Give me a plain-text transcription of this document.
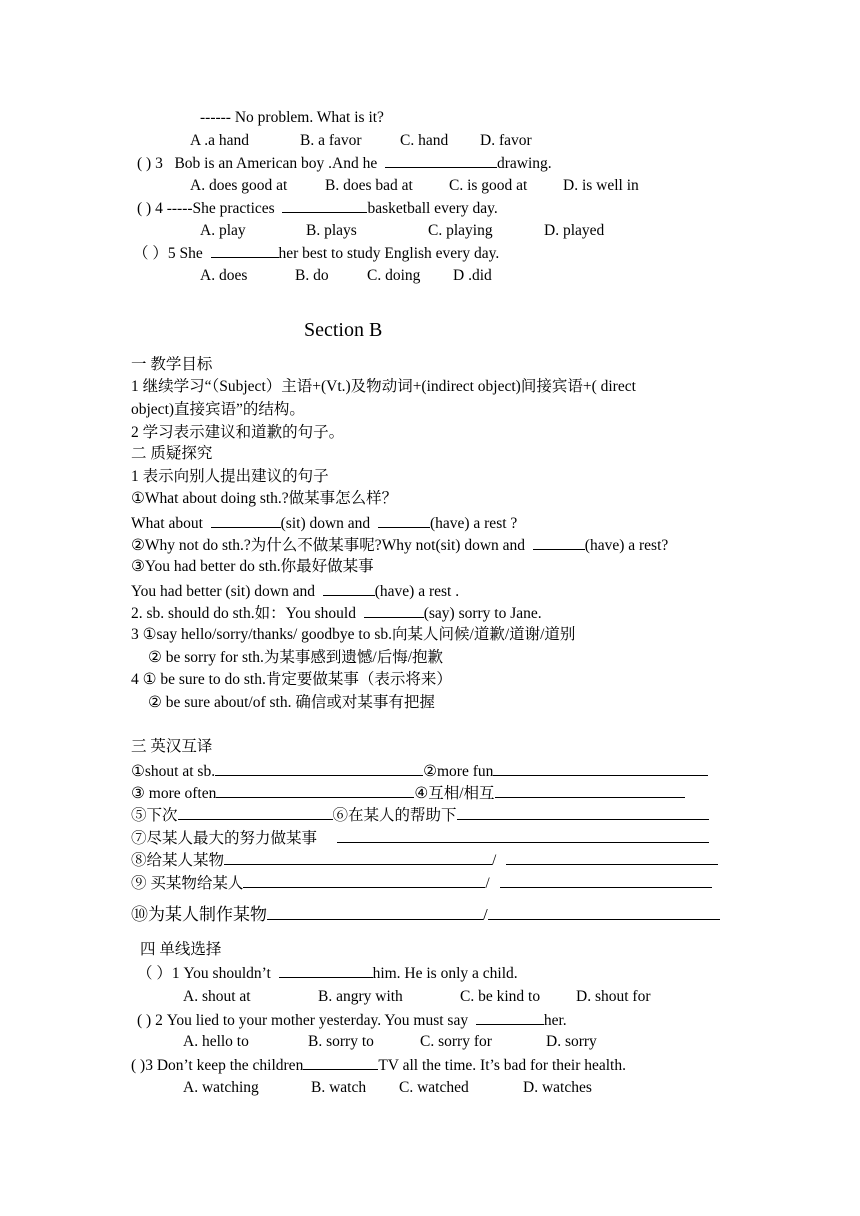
------ No problem. What is it?
A .a hand	B. a favor C. hand D. favor
( ) 3 Bob is an American boy .And he	drawing.
A. does good at B. does bad at C. is good at D. is well in
( ) 4 -----She practices	basketball every day.
A. play	B. plays	C. playing	D. played
（ ）5 She	her best to study English every day.
A. does	B. do C. doing D .did
Section B
一 教学目标
1 继续学习“（Subject）主语+(Vt.)及物动词+(indirect object)间接宾语+( direct
object)直接宾语”的结构。
2 学习表示建议和道歉的句子。
二 质疑探究
1 表示向别人提出建议的句子
①What about doing sth.?做某事怎么样？
What about	(sit) down and	(have) a rest ?
②Why not do sth.?为什么不做某事呢?Why not(sit) down and	(have) a rest?
③You had better do sth.你最好做某事
You had better (sit) down and	(have) a rest .
2. sb. should do sth.如：You should	(say) sorry to Jane.
3 ①say hello/sorry/thanks/ goodbye to sb.向某人问候/道歉/道谢/道别
② be sorry for sth.为某事感到遗憾/后悔/抱歉
4 ① be sure to do sth.肯定要做某事（表示将来）
② be sure about/of sth. 确信或对某事有把握
三 英汉互译
①shout at sb.	②more fun
③ more often	④互相/相互
⑤下次	⑥在某人的帮助下
⑦尽某人最大的努力做某事
⑧给某人某物	/
⑨ 买某物给某人	/
⑩为某人制作某物	/
四 单线选择
（ ）1 You shouldn’t	him. He is only a child.
A. shout at	B. angry with	C. be kind to D. shout for
( ) 2 You lied to your mother yesterday. You must say	her.
A. hello to	B. sorry to	C. sorry for	D. sorry
( )3 Don’t keep the children	TV all the time. It’s bad for their health.
A. watching	B. watch C. watched	D. watches
